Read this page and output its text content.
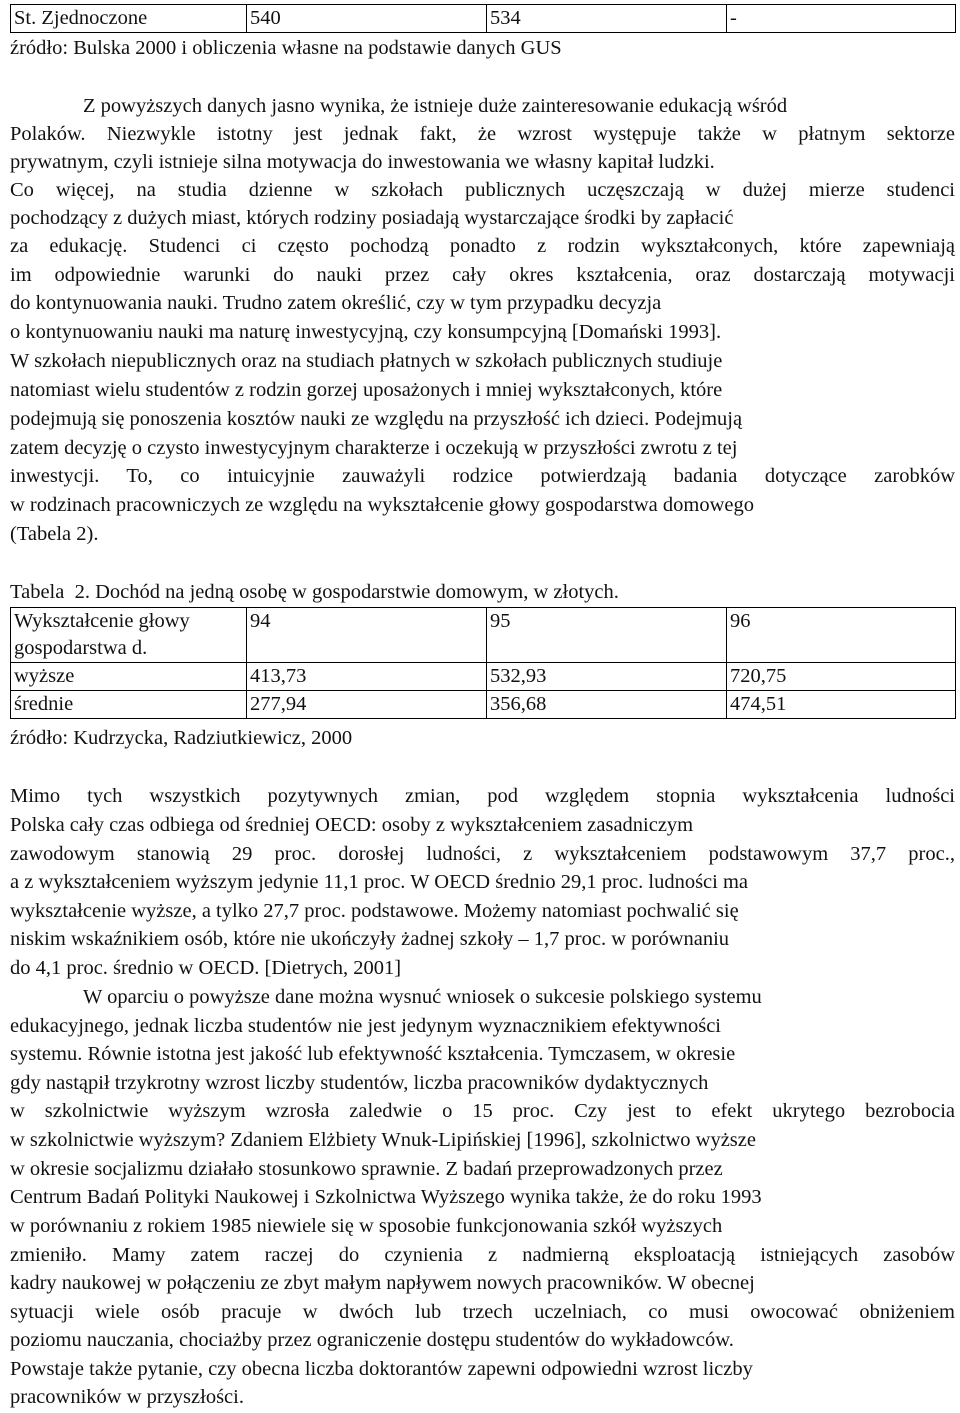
St. Zjednoczone	540	534	-
źródło: Bulska 2000 i obliczenia własne na podstawie danych GUS
Z powyższych danych jasno wynika, że istnieje duże zainteresowanie edukacją wśród
Polaków. Niezwykle istotny jest jednak fakt, że wzrost występuje także w płatnym sektorze
prywatnym, czyli istnieje silna motywacja do inwestowania we własny kapitał ludzki.
Co więcej, na studia dzienne w szkołach publicznych uczęszczają w dużej mierze studenci
pochodzący z dużych miast, których rodziny posiadają wystarczające środki by zapłacić
za edukację. Studenci ci często pochodzą ponadto z rodzin wykształconych, które zapewniają
im odpowiednie warunki do nauki przez cały okres kształcenia, oraz dostarczają motywacji
do kontynuowania nauki. Trudno zatem określić, czy w tym przypadku decyzja
o kontynuowaniu nauki ma naturę inwestycyjną, czy konsumpcyjną [Domański 1993].
W szkołach niepublicznych oraz na studiach płatnych w szkołach publicznych studiuje
natomiast wielu studentów z rodzin gorzej uposażonych i mniej wykształconych, które
podejmują się ponoszenia kosztów nauki ze względu na przyszłość ich dzieci. Podejmują
zatem decyzję o czysto inwestycyjnym charakterze i oczekują w przyszłości zwrotu z tej
inwestycji. To, co intuicyjnie zauważyli rodzice potwierdzają badania dotyczące zarobków
w rodzinach pracowniczych ze względu na wykształcenie głowy gospodarstwa domowego
(Tabela 2).
Tabela  2. Dochód na jedną osobę w gospodarstwie domowym, w złotych.
Wykształcenie głowy
gospodarstwa d.	94	95	96
wyższe	413,73	532,93	720,75
średnie	277,94	356,68	474,51
źródło: Kudrzycka, Radziutkiewicz, 2000
Mimo tych wszystkich pozytywnych zmian, pod względem stopnia wykształcenia ludności
Polska cały czas odbiega od średniej OECD: osoby z wykształceniem zasadniczym
zawodowym stanowią 29 proc. dorosłej ludności, z wykształceniem podstawowym 37,7 proc.,
a z wykształceniem wyższym jedynie 11,1 proc. W OECD średnio 29,1 proc. ludności ma
wykształcenie wyższe, a tylko 27,7 proc. podstawowe. Możemy natomiast pochwalić się
niskim wskaźnikiem osób, które nie ukończyły żadnej szkoły – 1,7 proc. w porównaniu
do 4,1 proc. średnio w OECD. [Dietrych, 2001]
W oparciu o powyższe dane można wysnuć wniosek o sukcesie polskiego systemu
edukacyjnego, jednak liczba studentów nie jest jedynym wyznacznikiem efektywności
systemu. Równie istotna jest jakość lub efektywność kształcenia. Tymczasem, w okresie
gdy nastąpił trzykrotny wzrost liczby studentów, liczba pracowników dydaktycznych
w szkolnictwie wyższym wzrosła zaledwie o 15 proc. Czy jest to efekt ukrytego bezrobocia
w szkolnictwie wyższym? Zdaniem Elżbiety Wnuk-Lipińskiej [1996], szkolnictwo wyższe
w okresie socjalizmu działało stosunkowo sprawnie. Z badań przeprowadzonych przez
Centrum Badań Polityki Naukowej i Szkolnictwa Wyższego wynika także, że do roku 1993
w porównaniu z rokiem 1985 niewiele się w sposobie funkcjonowania szkół wyższych
zmieniło. Mamy zatem raczej do czynienia z nadmierną eksploatacją istniejących zasobów
kadry naukowej w połączeniu ze zbyt małym napływem nowych pracowników. W obecnej
sytuacji wiele osób pracuje w dwóch lub trzech uczelniach, co musi owocować obniżeniem
poziomu nauczania, chociażby przez ograniczenie dostępu studentów do wykładowców.
Powstaje także pytanie, czy obecna liczba doktorantów zapewni odpowiedni wzrost liczby
pracowników w przyszłości.
